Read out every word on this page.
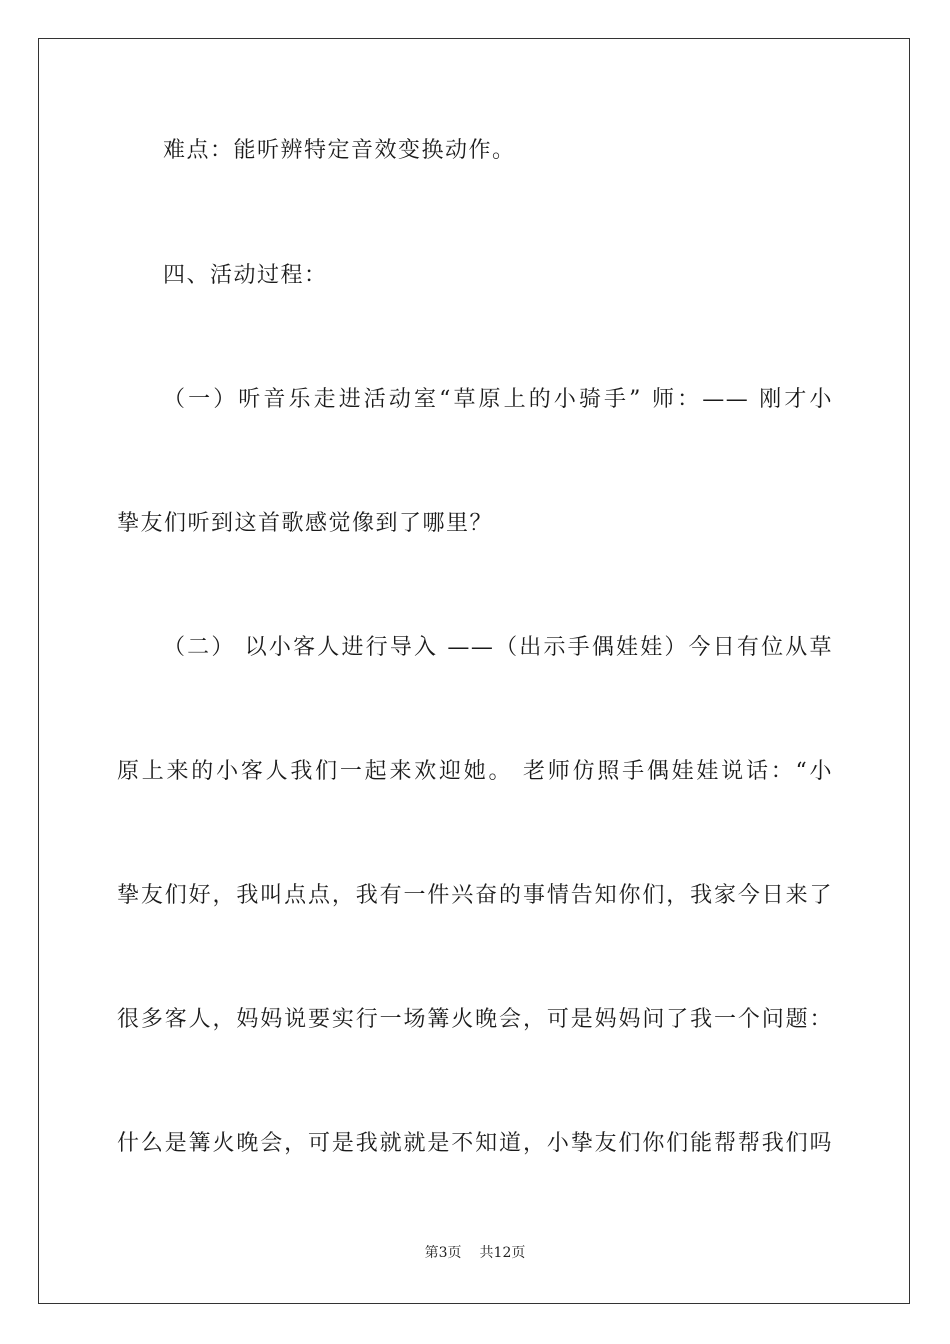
难点：能听辨特定音效变换动作。
四、活动过程：
（一）听音乐走进活动室“草原上的小骑手” 师：—— 刚才小
挚友们听到这首歌感觉像到了哪里？
（二） 以小客人进行导入 ——（出示手偶娃娃）今日有位从草
原上来的小客人我们一起来欢迎她。 老师仿照手偶娃娃说话：“小
挚友们好，我叫点点，我有一件兴奋的事情告知你们，我家今日来了
很多客人，妈妈说要实行一场篝火晚会，可是妈妈问了我一个问题：
什么是篝火晚会，可是我就就是不知道，小挚友们你们能帮帮我们吗
第3页 共12页
